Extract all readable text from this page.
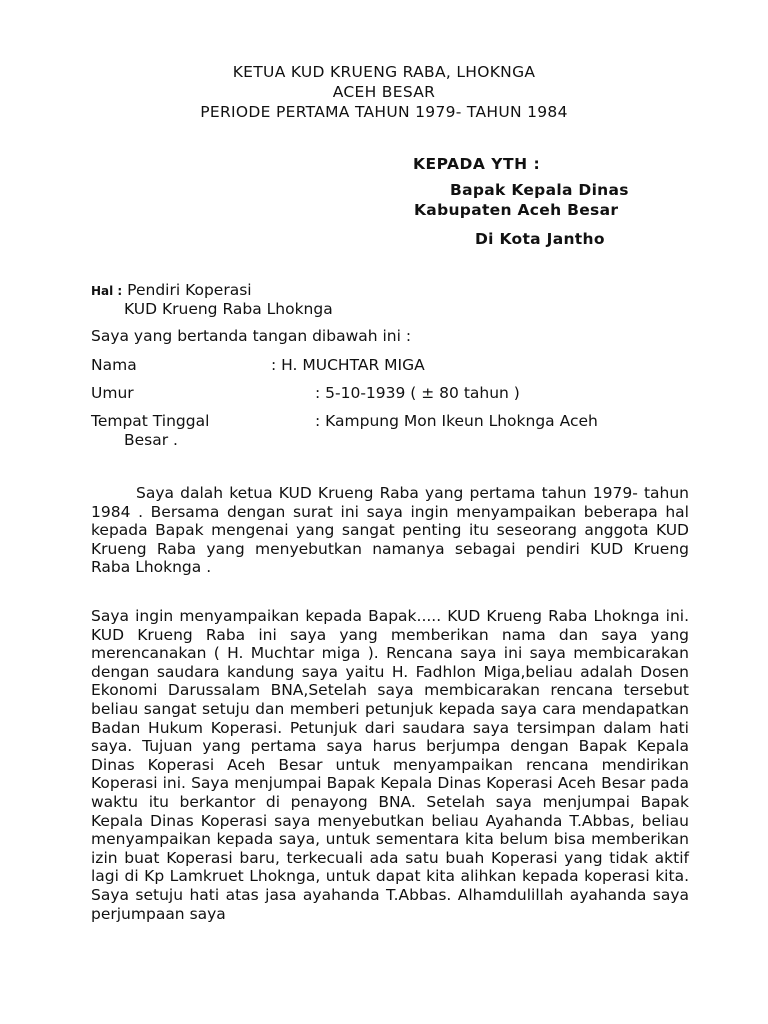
KETUA KUD KRUENG RABA, LHOKNGA
ACEH BESAR
PERIODE PERTAMA TAHUN 1979- TAHUN 1984
KEPADA YTH :
Bapak Kepala Dinas
Kabupaten Aceh Besar
Di Kota Jantho
Hal : Pendiri Koperasi
KUD Krueng Raba Lhoknga
Saya yang bertanda tangan dibawah ini :
Nama	: H. MUCHTAR MIGA
Umur	: 5-10-1939 ( ± 80 tahun )
Tempat Tinggal	: Kampung Mon Ikeun Lhoknga Aceh
Besar .

Saya dalah ketua KUD Krueng Raba yang pertama tahun 1979- tahun 1984 . Bersama dengan surat ini saya ingin menyampaikan beberapa hal kepada Bapak mengenai yang sangat penting itu seseorang anggota KUD Krueng Raba yang menyebutkan namanya sebagai pendiri KUD Krueng Raba Lhoknga .

Saya ingin menyampaikan kepada Bapak..... KUD Krueng Raba Lhoknga ini. KUD Krueng Raba ini saya yang memberikan nama dan saya yang merencanakan ( H. Muchtar miga ). Rencana saya ini saya membicarakan dengan saudara kandung saya yaitu H. Fadhlon Miga,beliau adalah Dosen Ekonomi Darussalam BNA,Setelah saya membicarakan rencana tersebut beliau sangat setuju dan memberi petunjuk kepada saya cara mendapatkan Badan Hukum Koperasi. Petunjuk dari saudara saya tersimpan dalam hati saya. Tujuan yang pertama saya harus berjumpa dengan Bapak Kepala Dinas Koperasi Aceh Besar untuk menyampaikan rencana mendirikan Koperasi ini. Saya menjumpai Bapak Kepala Dinas Koperasi Aceh Besar pada waktu itu berkantor di penayong BNA. Setelah saya menjumpai Bapak Kepala Dinas Koperasi saya menyebutkan beliau Ayahanda T.Abbas, beliau menyampaikan kepada saya, untuk sementara kita belum bisa memberikan izin buat Koperasi baru, terkecuali ada satu buah Koperasi yang tidak aktif lagi di Kp Lamkruet Lhoknga, untuk dapat kita alihkan kepada koperasi kita. Saya setuju hati atas jasa ayahanda T.Abbas. Alhamdulillah ayahanda saya perjumpaan saya
